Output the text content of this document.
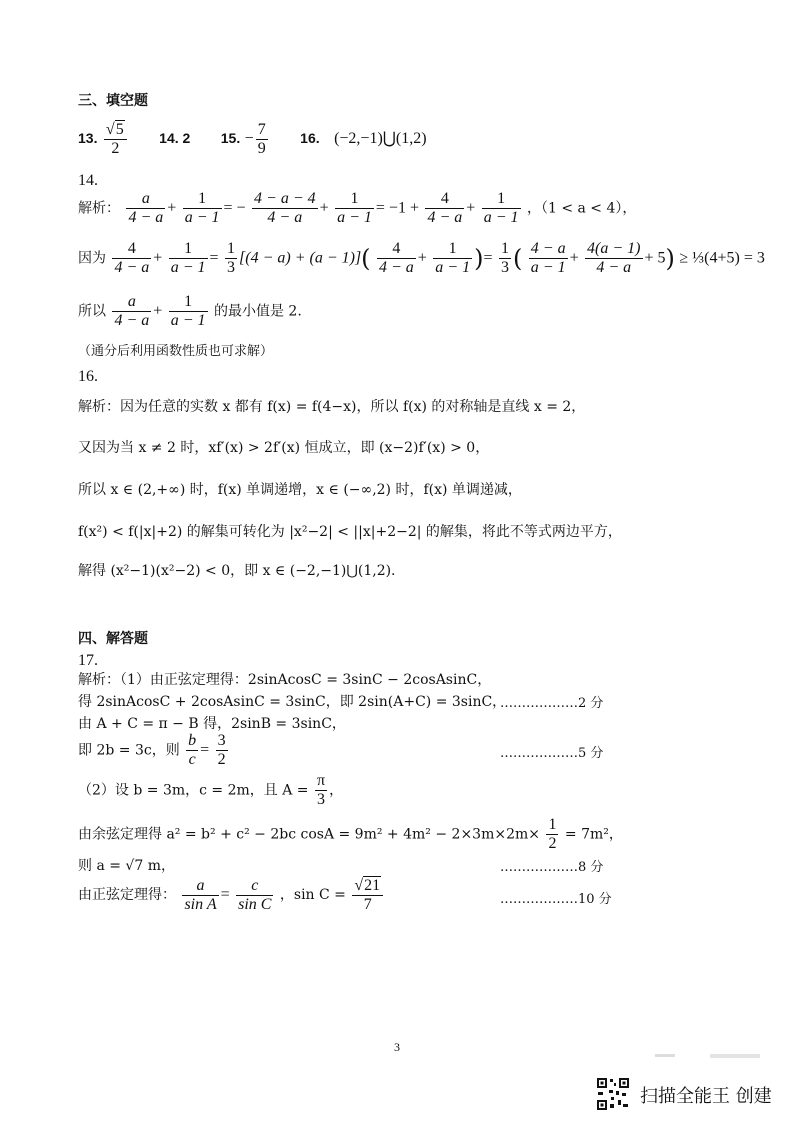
三、填空题
13. $\frac{√5}{2} 14$. 2 15. − $\frac{7}{9} 16$. (−2,−1)⋃(1,2)
14.
解析： $\frac{a}{4 - a} + \frac{1}{a - 1}$ = − $\frac{4 - a - 4}{4 - a} + \frac{1}{a - 1} = -1 + \frac{4}{4 - a} + \frac{1}{a - 1}$ ，（1 < a < 4），
因为 $\frac{4}{4 - a} + \frac{1}{a - 1} = \frac{1}{3} [(4 - a) + (a - 1)]( \frac{4}{4 - a} + \frac{1}{a - 1}$ )= $\frac{1}{3}$ ( $\frac{4 - a}{a - 1} + \frac{4(a - 1)}{4 - a} + 5$) ≥ ⅓(4+5) = 3
所以 $\frac{a}{4 - a} + \frac{1}{a - 1}$ 的最小值是 2.
（通分后利用函数性质也可求解）
16.
解析：因为任意的实数 x 都有 f(x) = f(4−x)，所以 f(x) 的对称轴是直线 x = 2，
又因为当 x ≠ 2 时，xf′(x) > 2f′(x) 恒成立，即 (x−2)f′(x) > 0，
所以 x ∈ (2,+∞) 时，f(x) 单调递增，x ∈ (−∞,2) 时，f(x) 单调递减，
f(x²) < f(|x|+2) 的解集可转化为 |x²−2| < ||x|+2−2| 的解集，将此不等式两边平方，
解得 (x²−1)(x²−2) < 0，即 x ∈ (−2,−1)⋃(1,2).
四、解答题
17.
解析：（1）由正弦定理得：2sinAcosC = 3sinC − 2cosAsinC，
得 2sinAcosC + 2cosAsinC = 3sinC，即 2sin(A+C) = 3sinC，
………………2 分
由 A + C = π − B 得，2sinB = 3sinC，
即 2b = 3c，则 $\frac{b}{c} = \frac{3}{2}$	………………5 分
（2）设 b = 3m，c = 2m，且 $A = \frac{\pi}{3}$ ，
由余弦定理得 a² = b² + c² − 2bc $\cos A = 9m^2 + 4m^2 - 2\times 3m\times 2m\times \frac{1}{2} = 7m^2$，
则 a = √7 m，	………………8 分
由正弦定理得： $\frac{a}{\text{sin A}} = \frac{c}{\text{sin C}}$ ，$\sin C = \frac{√21}{7}$	………………10 分
3
扫描全能王 创建
